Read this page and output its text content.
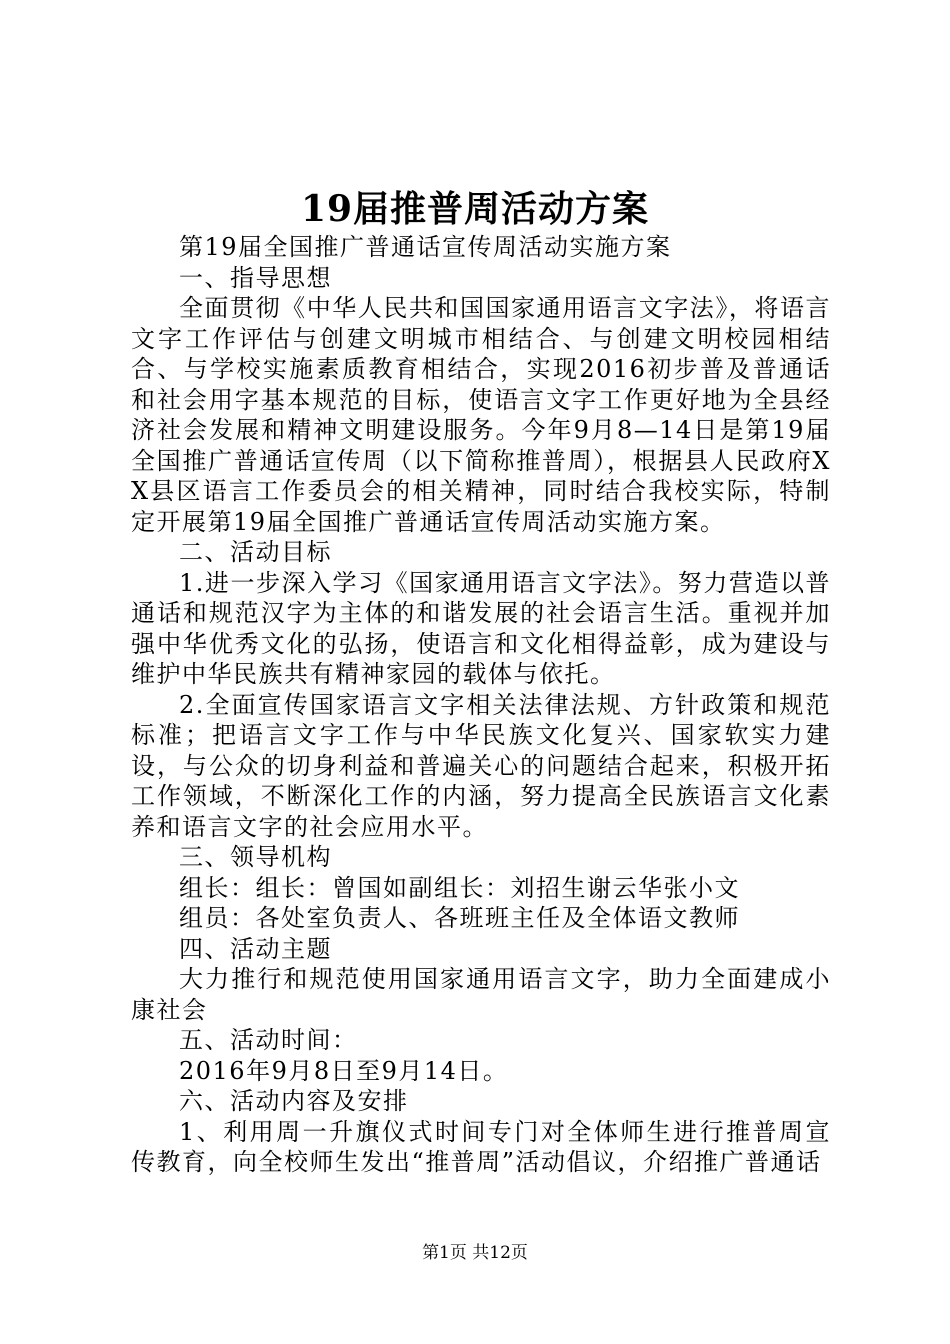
19届推普周活动方案

第19届全国推广普通话宣传周活动实施方案

一、指导思想

全面贯彻《中华人民共和国国家通用语言文字法》，将语言文字工作评估与创建文明城市相结合、与创建文明校园相结合、与学校实施素质教育相结合，实现2016初步普及普通话和社会用字基本规范的目标，使语言文字工作更好地为全县经济社会发展和精神文明建设服务。今年9月8—14日是第19届全国推广普通话宣传周（以下简称推普周），根据县人民政府XX县区语言工作委员会的相关精神，同时结合我校实际，特制定开展第19届全国推广普通话宣传周活动实施方案。

二、活动目标

1.进一步深入学习《国家通用语言文字法》。努力营造以普通话和规范汉字为主体的和谐发展的社会语言生活。重视并加强中华优秀文化的弘扬，使语言和文化相得益彰，成为建设与维护中华民族共有精神家园的载体与依托。

2.全面宣传国家语言文字相关法律法规、方针政策和规范标准；把语言文字工作与中华民族文化复兴、国家软实力建设，与公众的切身利益和普遍关心的问题结合起来，积极开拓工作领域，不断深化工作的内涵，努力提高全民族语言文化素养和语言文字的社会应用水平。

三、领导机构

组长：组长：曾国如副组长：刘招生谢云华张小文

组员：各处室负责人、各班班主任及全体语文教师

四、活动主题

大力推行和规范使用国家通用语言文字，助力全面建成小康社会

五、活动时间：

2016年9月8日至9月14日。

六、活动内容及安排

1、利用周一升旗仪式时间专门对全体师生进行推普周宣传教育，向全校师生发出“推普周”活动倡议，介绍推广普通话

第1页 共12页
